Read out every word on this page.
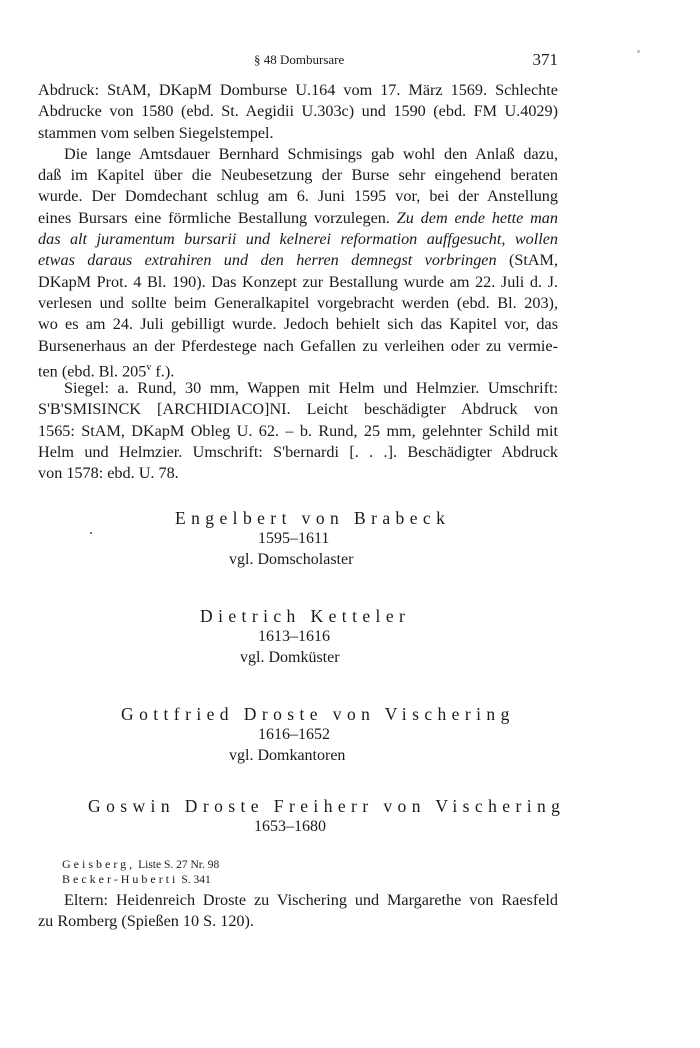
§ 48 Dombursare	371
Abdruck: StAM, DKapM Domburse U.164 vom 17. März 1569. Schlechte
Abdrucke von 1580 (ebd. St. Aegidii U.303c) und 1590 (ebd. FM U.4029)
stammen vom selben Siegelstempel.
Die lange Amtsdauer Bernhard Schmisings gab wohl den Anlaß dazu,
daß im Kapitel über die Neubesetzung der Burse sehr eingehend beraten
wurde. Der Domdechant schlug am 6. Juni 1595 vor, bei der Anstellung
eines Bursars eine förmliche Bestallung vorzulegen. Zu dem ende hette man
das alt juramentum bursarii und kelnerei reformation auffgesucht, wollen
etwas daraus extrahiren und den herren demnegst vorbringen (StAM,
DKapM Prot. 4 Bl. 190). Das Konzept zur Bestallung wurde am 22. Juli d. J.
verlesen und sollte beim Generalkapitel vorgebracht werden (ebd. Bl. 203),
wo es am 24. Juli gebilligt wurde. Jedoch behielt sich das Kapitel vor, das
Bursenerhaus an der Pferdestege nach Gefallen zu verleihen oder zu vermie-
ten (ebd. Bl. 205$^v$ f.).
Siegel: a. Rund, 30 mm, Wappen mit Helm und Helmzier. Umschrift:
S'B'SMISINCK [ARCHIDIACO]NI. Leicht beschädigter Abdruck von
1565: StAM, DKapM Obleg U. 62. – b. Rund, 25 mm, gelehnter Schild mit
Helm und Helmzier. Umschrift: S'bernardi [. . .]. Beschädigter Abdruck
von 1578: ebd. U. 78.
Engelbert von Brabeck
1595–1611
vgl. Domscholaster
Dietrich Ketteler
1613–1616
vgl. Domküster
Gottfried Droste von Vischering
1616–1652
vgl. Domkantoren
Goswin Droste Freiherr von Vischering
1653–1680
Geisberg, Liste S. 27 Nr. 98
Becker-Huberti S. 341
Eltern: Heidenreich Droste zu Vischering und Margarethe von Raesfeld
zu Romberg (Spießen 10 S. 120).
